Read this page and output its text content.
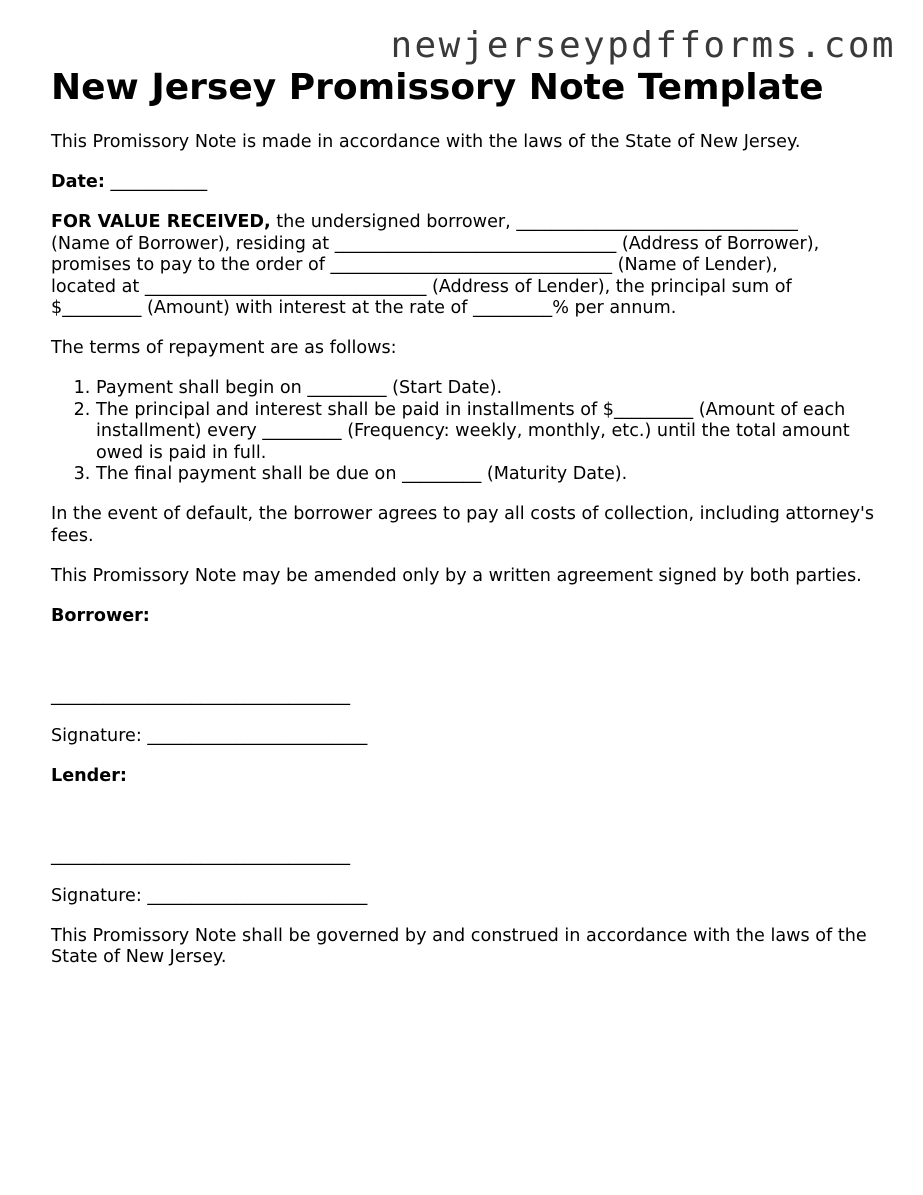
newjerseypdfforms.com
New Jersey Promissory Note Template

This Promissory Note is made in accordance with the laws of the State of New Jersey.

Date: ___________

FOR VALUE RECEIVED, the undersigned borrower, ________________________________
(Name of Borrower), residing at ________________________________ (Address of Borrower),
promises to pay to the order of ________________________________ (Name of Lender),
located at ________________________________ (Address of Lender), the principal sum of
$_________ (Amount) with interest at the rate of _________% per annum.

The terms of repayment are as follows:

1. Payment shall begin on _________ (Start Date).
2. The principal and interest shall be paid in installments of $_________ (Amount of each installment) every _________ (Frequency: weekly, monthly, etc.) until the total amount owed is paid in full.
3. The final payment shall be due on _________ (Maturity Date).

In the event of default, the borrower agrees to pay all costs of collection, including attorney's fees.

This Promissory Note may be amended only by a written agreement signed by both parties.

Borrower:

__________________________________
Signature: _________________________

Lender:

__________________________________
Signature: _________________________

This Promissory Note shall be governed by and construed in accordance with the laws of the State of New Jersey.
